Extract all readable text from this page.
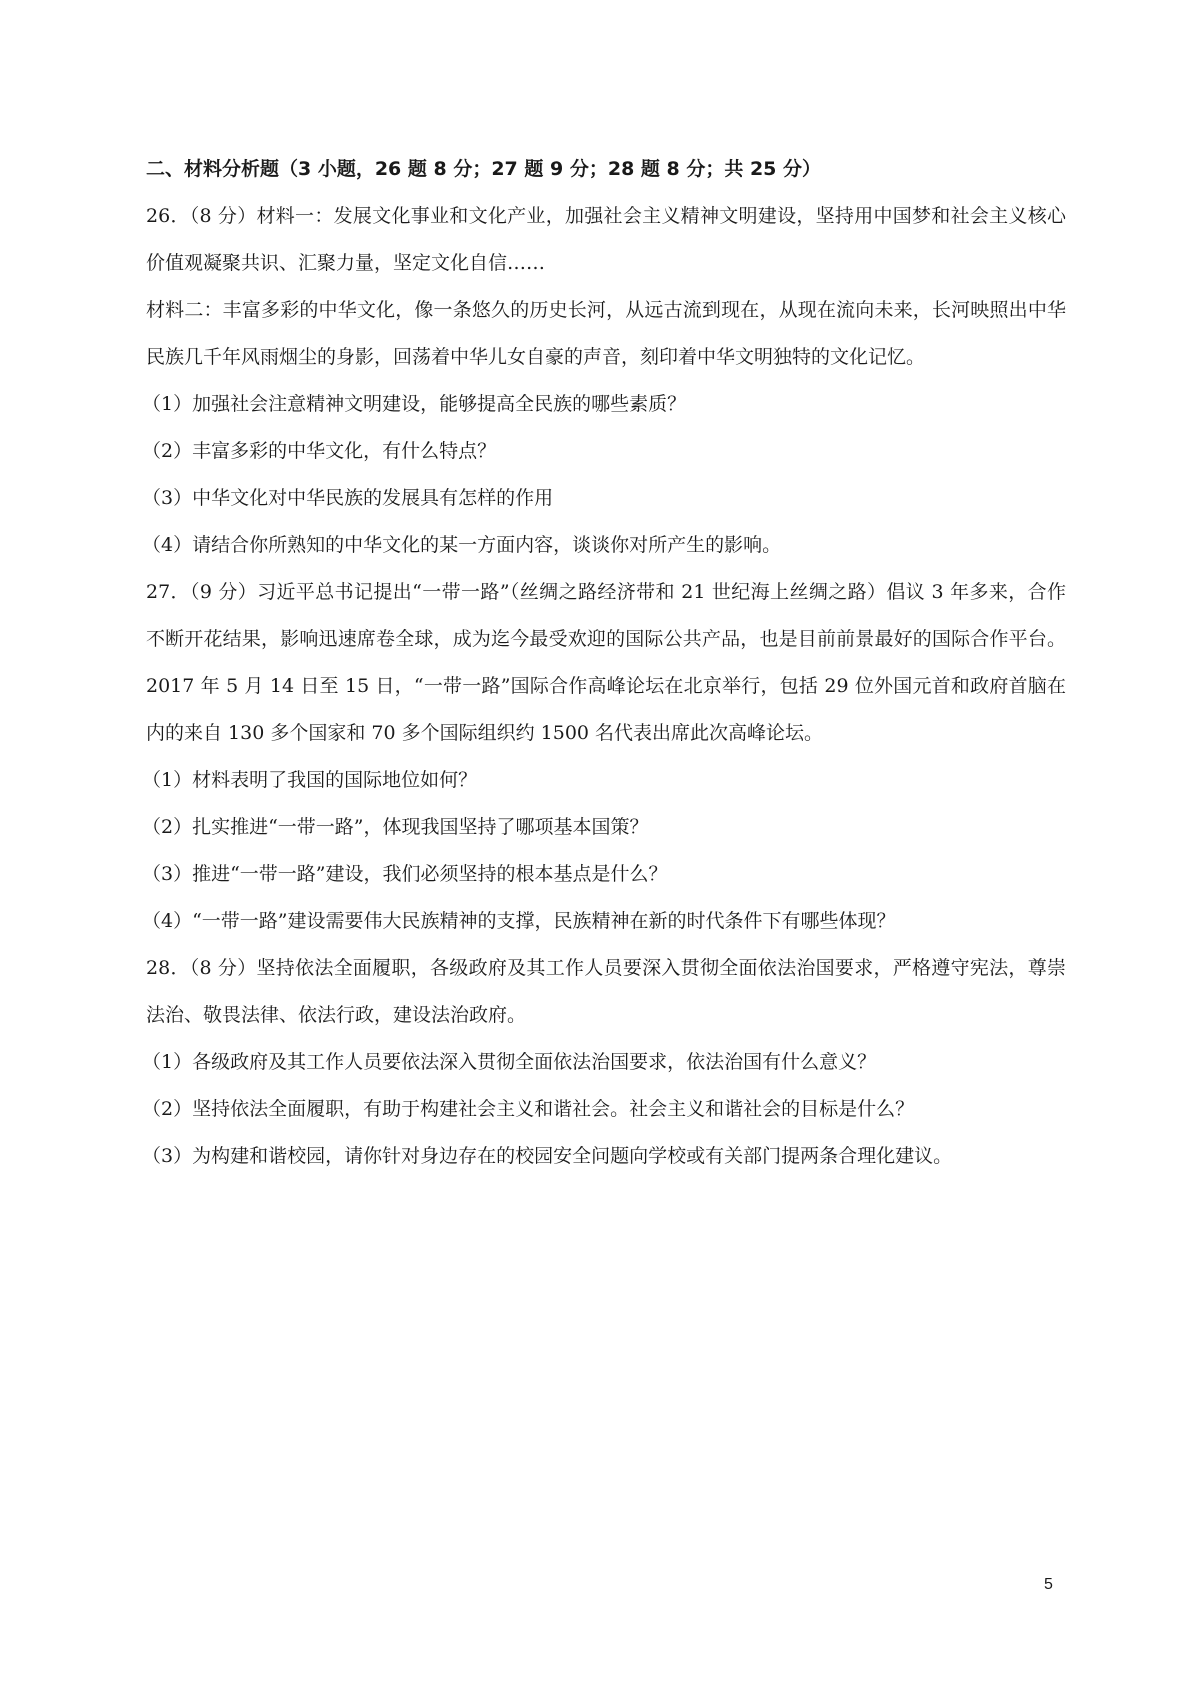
二、材料分析题（3 小题，26 题 8 分；27 题 9 分；28 题 8 分；共 25 分）

26．（8 分）材料一：发展文化事业和文化产业，加强社会主义精神文明建设，坚持用中国梦和社会主义核心价值观凝聚共识、汇聚力量，坚定文化自信……

材料二：丰富多彩的中华文化，像一条悠久的历史长河，从远古流到现在，从现在流向未来，长河映照出中华民族几千年风雨烟尘的身影，回荡着中华儿女自豪的声音，刻印着中华文明独特的文化记忆。

（1）加强社会注意精神文明建设，能够提高全民族的哪些素质？

（2）丰富多彩的中华文化，有什么特点？

（3）中华文化对中华民族的发展具有怎样的作用

（4）请结合你所熟知的中华文化的某一方面内容，谈谈你对所产生的影响。

27．（9 分）习近平总书记提出“一带一路”（丝绸之路经济带和 21 世纪海上丝绸之路）倡议 3 年多来，合作不断开花结果，影响迅速席卷全球，成为迄今最受欢迎的国际公共产品，也是目前前景最好的国际合作平台。2017 年 5 月 14 日至 15 日，“一带一路”国际合作高峰论坛在北京举行，包括 29 位外国元首和政府首脑在内的来自 130 多个国家和 70 多个国际组织约 1500 名代表出席此次高峰论坛。

（1）材料表明了我国的国际地位如何？

（2）扎实推进“一带一路”，体现我国坚持了哪项基本国策？

（3）推进“一带一路”建设，我们必须坚持的根本基点是什么？

（4）“一带一路”建设需要伟大民族精神的支撑，民族精神在新的时代条件下有哪些体现？

28．（8 分）坚持依法全面履职，各级政府及其工作人员要深入贯彻全面依法治国要求，严格遵守宪法，尊崇法治、敬畏法律、依法行政，建设法治政府。

（1）各级政府及其工作人员要依法深入贯彻全面依法治国要求，依法治国有什么意义？

（2）坚持依法全面履职，有助于构建社会主义和谐社会。社会主义和谐社会的目标是什么？

（3）为构建和谐校园，请你针对身边存在的校园安全问题向学校或有关部门提两条合理化建议。

5
